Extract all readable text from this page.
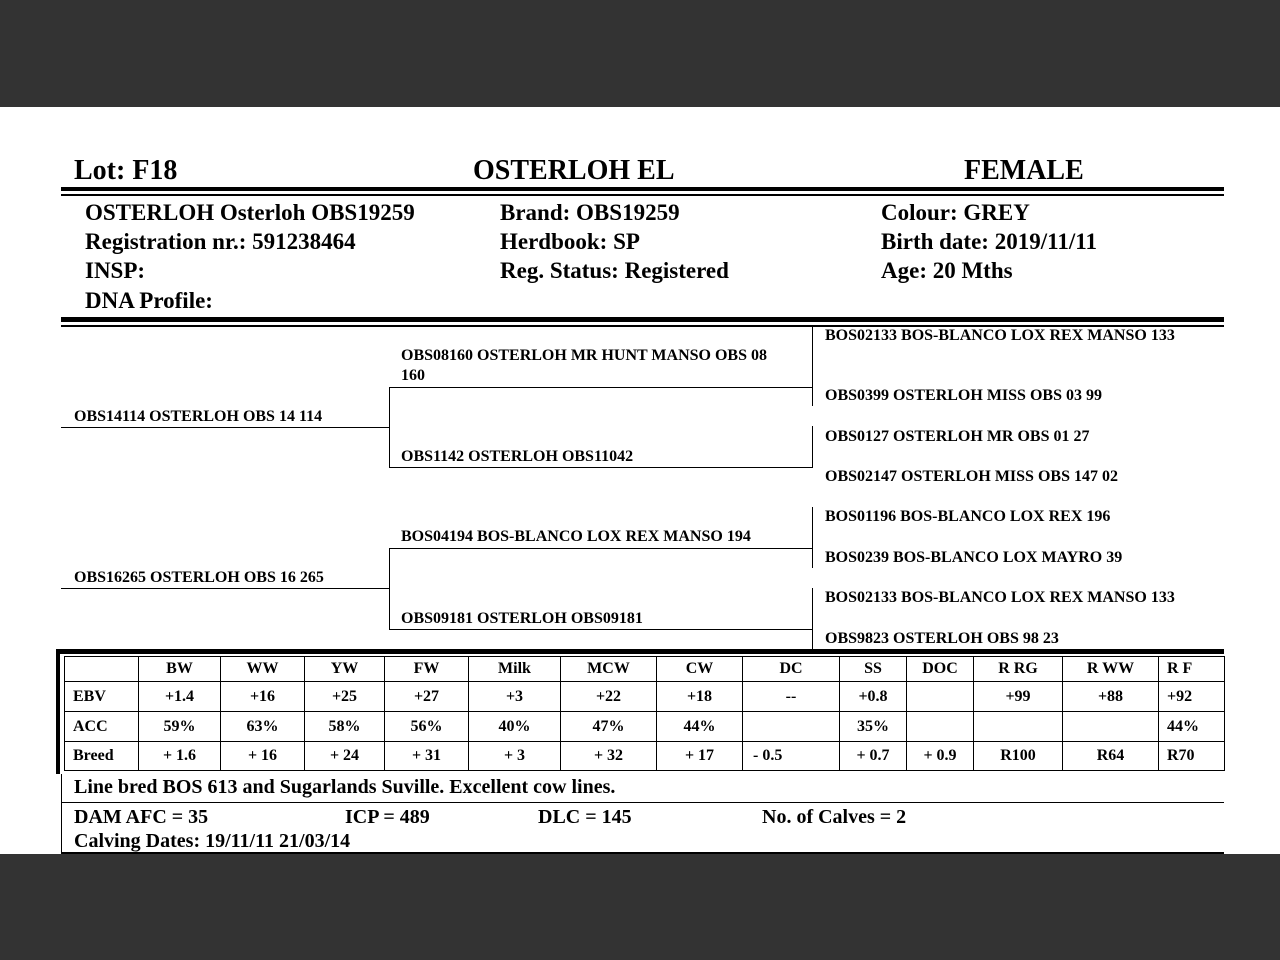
Lot: F18	OSTERLOH EL	FEMALE
OSTERLOH Osterloh OBS19259
Registration nr.: 591238464
INSP:
DNA Profile:
Brand: OBS19259
Herdbook: SP
Reg. Status: Registered
Colour: GREY
Birth date: 2019/11/11
Age: 20 Mths
OBS14114 OSTERLOH OBS 14 114
OBS16265 OSTERLOH OBS 16 265
OBS08160 OSTERLOH MR HUNT MANSO OBS 08
160
OBS1142 OSTERLOH OBS11042
BOS04194 BOS-BLANCO LOX REX MANSO 194
OBS09181 OSTERLOH OBS09181
BOS02133 BOS-BLANCO LOX REX MANSO 133
OBS0399 OSTERLOH MISS OBS 03 99
OBS0127 OSTERLOH MR OBS 01 27
OBS02147 OSTERLOH MISS OBS 147 02
BOS01196 BOS-BLANCO LOX REX 196
BOS0239 BOS-BLANCO LOX MAYRO 39
BOS02133 BOS-BLANCO LOX REX MANSO 133
OBS9823 OSTERLOH OBS 98 23
	BW	WW	YW	FW	Milk	MCW	CW	DC	SS	DOC	R RG	R WW	R F
EBV	+1.4	+16	+25	+27	+3	+22	+18	--	+0.8		+99	+88	+92
ACC	59%	63%	58%	56%	40%	47%	44%		35%				44%
Breed	+ 1.6	+ 16	+ 24	+ 31	+ 3	+ 32	+ 17	- 0.5	+ 0.7	+ 0.9	R100	R64	R70
Line bred BOS 613 and Sugarlands Suville. Excellent cow lines.
DAM AFC = 35	ICP = 489	DLC = 145	No. of Calves = 2
Calving Dates: 19/11/11 21/03/14
